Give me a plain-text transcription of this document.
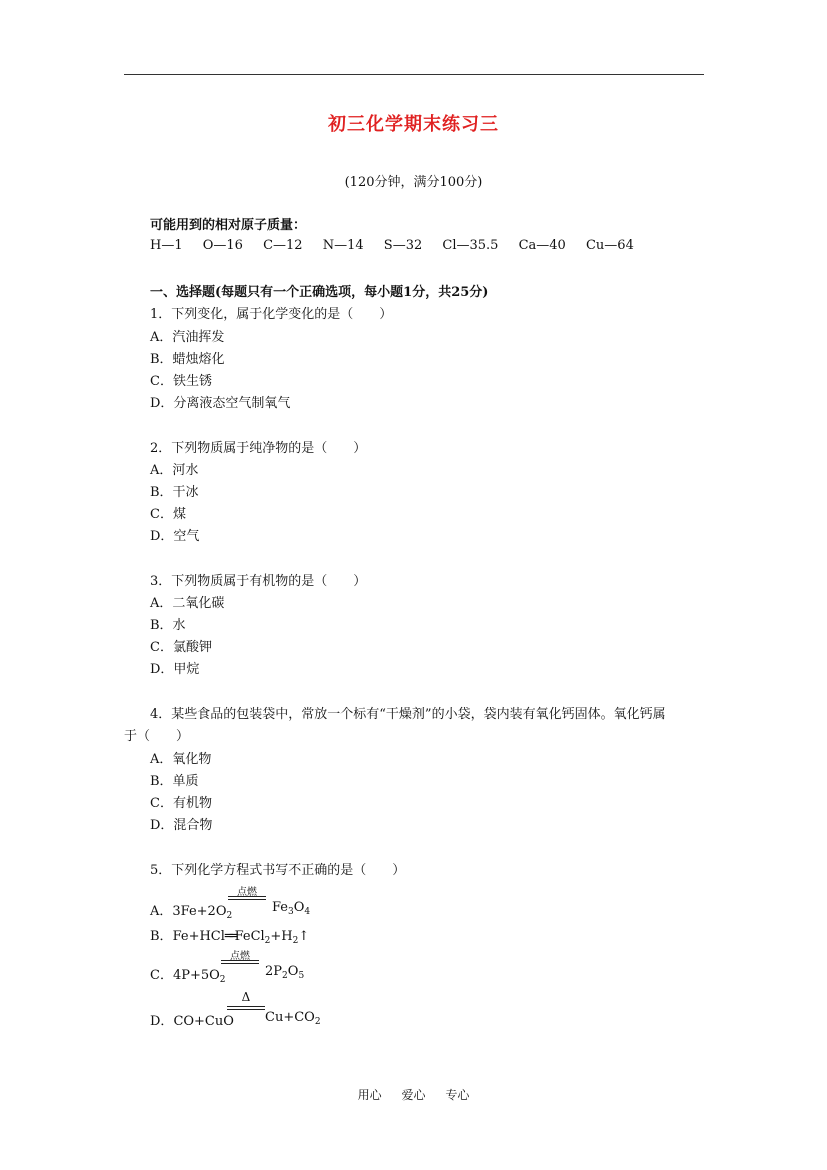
初三化学期末练习三
(120分钟，满分100分)
可能用到的相对原子质量：
H—1 O—16 C—12 N—14 S—32 Cl—35.5 Ca—40 Cu—64
一、选择题(每题只有一个正确选项，每小题1分，共25分)
1．下列变化，属于化学变化的是（　　）
A．汽油挥发
B．蜡烛熔化
C．铁生锈
D．分离液态空气制氧气
2．下列物质属于纯净物的是（　　）
A．河水
B．干冰
C．煤
D．空气
3．下列物质属于有机物的是（　　）
A．二氧化碳
B．水
C．氯酸钾
D．甲烷
4．某些食品的包装袋中，常放一个标有“干燥剂”的小袋，袋内装有氧化钙固体。氧化钙属
于（　　）
A．氧化物
B．单质
C．有机物
D．混合物
5．下列化学方程式书写不正确的是（　　）
A．$3Fe+2O_2$
点燃
$Fe_3O_4$
B．$Fe+HCl══FeCl_2+H_2↑$
C．$4P+5O_2$
点燃
$2P_2O_5$
D．CO+CuO
Δ
$Cu+CO_2$
用心 爱心 专心
